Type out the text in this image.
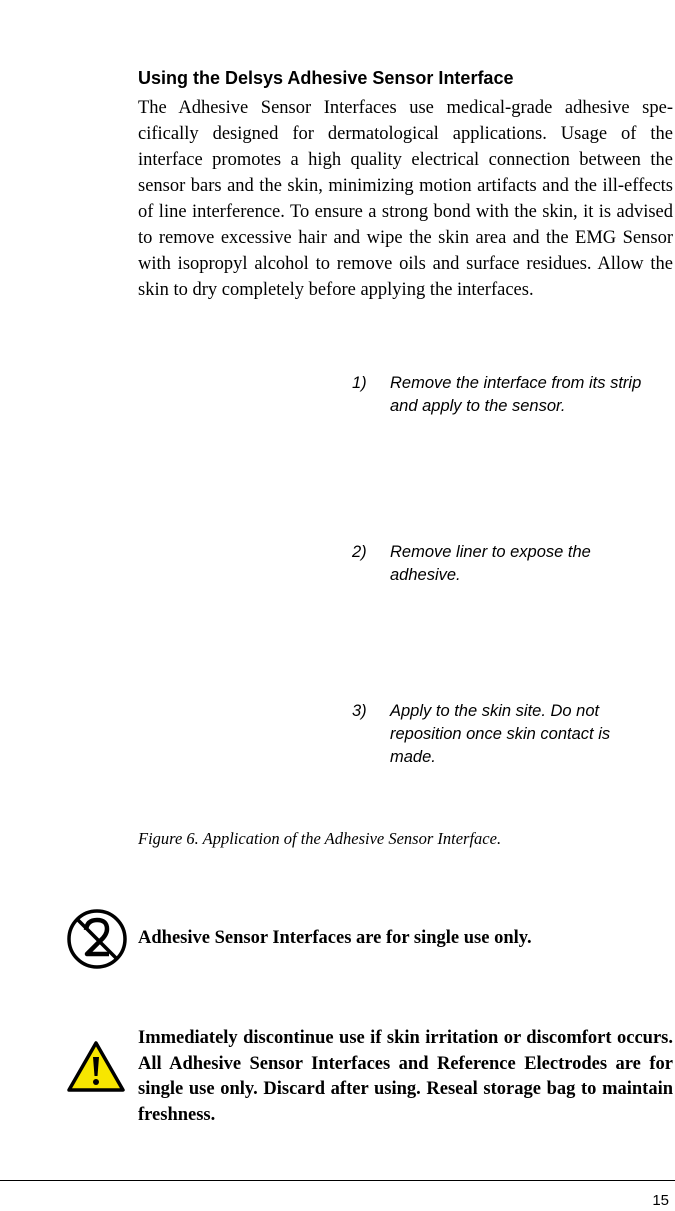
Using the Delsys Adhesive Sensor Interface

The Adhesive Sensor Interfaces use medical-grade adhesive spe-cifically designed for dermatological applications. Usage of the interface promotes a high quality electrical connection between the sensor bars and the skin, minimizing motion artifacts and the ill-effects of line interference. To ensure a strong bond with the skin, it is advised to remove excessive hair and wipe the skin area and the EMG Sensor with isopropyl alcohol to remove oils and surface residues. Allow the skin to dry completely before applying the interfaces.

1) Remove the interface from its strip and apply to the sensor.
2) Remove liner to expose the adhesive.
3) Apply to the skin site. Do not reposition once skin contact is made.
Figure 6. Application of the Adhesive Sensor Interface.

Adhesive Sensor Interfaces are for single use only.

Immediately discontinue use if skin irritation or discomfort occurs. All Adhesive Sensor Interfaces and Reference Electrodes are for single use only. Discard after using. Reseal storage bag to maintain freshness.

15
